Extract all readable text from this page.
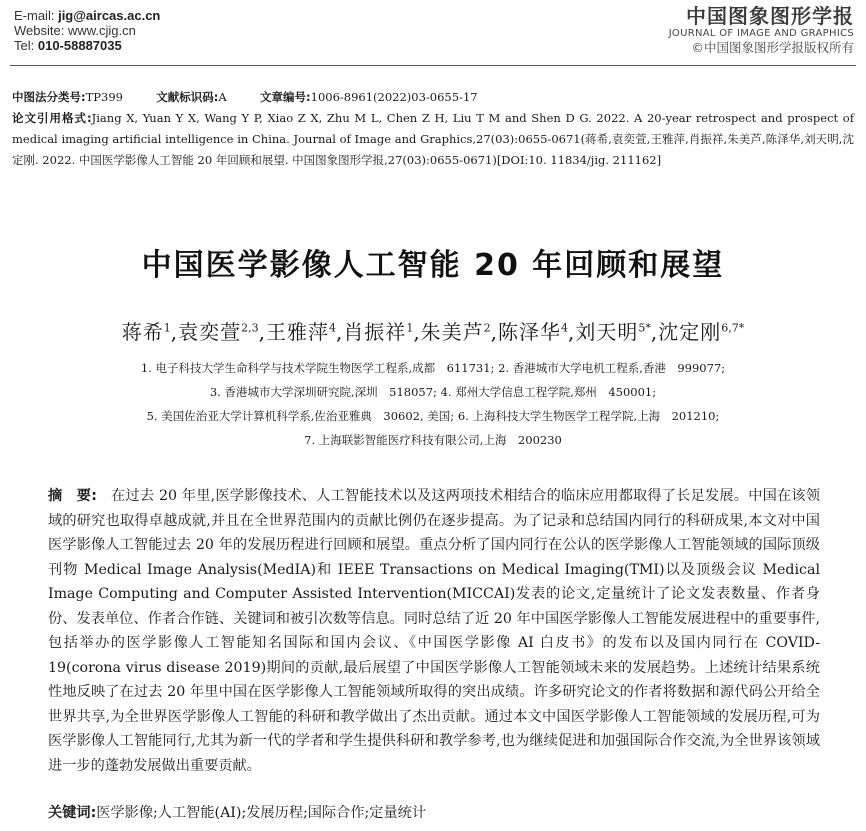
E-mail: jig@aircas.ac.cn
Website: www.cjig.cn
Tel: 010-58887035
中国图象图形学报
JOURNAL OF IMAGE AND GRAPHICS
©中国图象图形学报版权所有
中图法分类号:TP399	文献标识码:A	文章编号:1006-8961(2022)03-0655-17
论文引用格式:Jiang X, Yuan Y X, Wang Y P, Xiao Z X, Zhu M L, Chen Z H, Liu T M and Shen D G. 2022. A 20-year retrospect and prospect of medical imaging artificial intelligence in China. Journal of Image and Graphics,27(03):0655-0671(蒋希,袁奕萱,王雅萍,肖振祥,朱美芦,陈泽华,刘天明,沈定刚. 2022. 中国医学影像人工智能 20 年回顾和展望. 中国图象图形学报,27(03):0655-0671)[DOI:10. 11834/jig. 211162]
中国医学影像人工智能 20 年回顾和展望
蒋希$^1$,袁奕萱$^{2,3}$,王雅萍$^4$,肖振祥$^1$,朱美芦$^2$,陈泽华$^4$,刘天明$^{5*}$,沈定刚$^{6,7*}$
1. 电子科技大学生命科学与技术学院生物医学工程系,成都　611731; 2. 香港城市大学电机工程系,香港　999077;
3. 香港城市大学深圳研究院,深圳　518057; 4. 郑州大学信息工程学院,郑州　450001;
5. 美国佐治亚大学计算机科学系,佐治亚雅典　30602, 美国; 6. 上海科技大学生物医学工程学院,上海　201210;
7. 上海联影智能医疗科技有限公司,上海　200230
摘　要: 在过去 20 年里,医学影像技术、人工智能技术以及这两项技术相结合的临床应用都取得了长足发展。中国在该领域的研究也取得卓越成就,并且在全世界范围内的贡献比例仍在逐步提高。为了记录和总结国内同行的科研成果,本文对中国医学影像人工智能过去 20 年的发展历程进行回顾和展望。重点分析了国内同行在公认的医学影像人工智能领域的国际顶级刊物 Medical Image Analysis(MedIA)和 IEEE Transactions on Medical Imaging(TMI)以及顶级会议 Medical Image Computing and Computer Assisted Intervention(MICCAI)发表的论文,定量统计了论文发表数量、作者身份、发表单位、作者合作链、关键词和被引次数等信息。同时总结了近 20 年中国医学影像人工智能发展进程中的重要事件,包括举办的医学影像人工智能知名国际和国内会议、《中国医学影像 AI 白皮书》的发布以及国内同行在 COVID-19(corona virus disease 2019)期间的贡献,最后展望了中国医学影像人工智能领域未来的发展趋势。上述统计结果系统性地反映了在过去 20 年里中国在医学影像人工智能领域所取得的突出成绩。许多研究论文的作者将数据和源代码公开给全世界共享,为全世界医学影像人工智能的科研和教学做出了杰出贡献。通过本文中国医学影像人工智能领域的发展历程,可为医学影像人工智能同行,尤其为新一代的学者和学生提供科研和教学参考,也为继续促进和加强国际合作交流,为全世界该领域进一步的蓬勃发展做出重要贡献。
关键词:医学影像;人工智能(AI);发展历程;国际合作;定量统计
